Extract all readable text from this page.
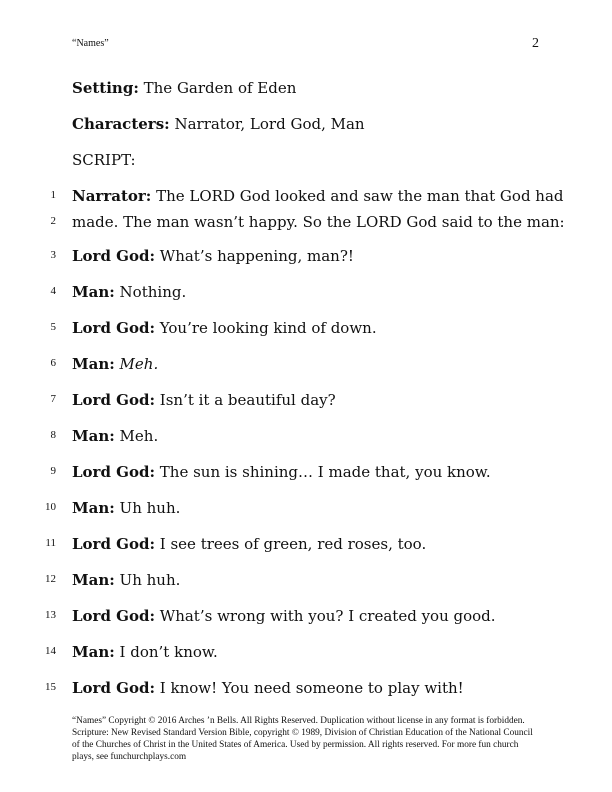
“Names”	2
Setting: The Garden of Eden
Characters: Narrator, Lord God, Man
SCRIPT:
1 Narrator: The LORD God looked and saw the man that God had
2 made. The man wasn’t happy. So the LORD God said to the man:
3 Lord God: What’s happening, man?!
4 Man: Nothing.
5 Lord God: You’re looking kind of down.
6 Man: Meh.
7 Lord God: Isn’t it a beautiful day?
8 Man: Meh.
9 Lord God: The sun is shining… I made that, you know.
10 Man: Uh huh.
11 Lord God: I see trees of green, red roses, too.
12 Man: Uh huh.
13 Lord God: What’s wrong with you? I created you good.
14 Man: I don’t know.
15 Lord God: I know! You need someone to play with!
“Names” Copyright © 2016 Arches ’n Bells. All Rights Reserved. Duplication without license in any format is forbidden. Scripture: New Revised Standard Version Bible, copyright © 1989, Division of Christian Education of the National Council of the Churches of Christ in the United States of America. Used by permission. All rights reserved. For more fun church plays, see funchurchplays.com
